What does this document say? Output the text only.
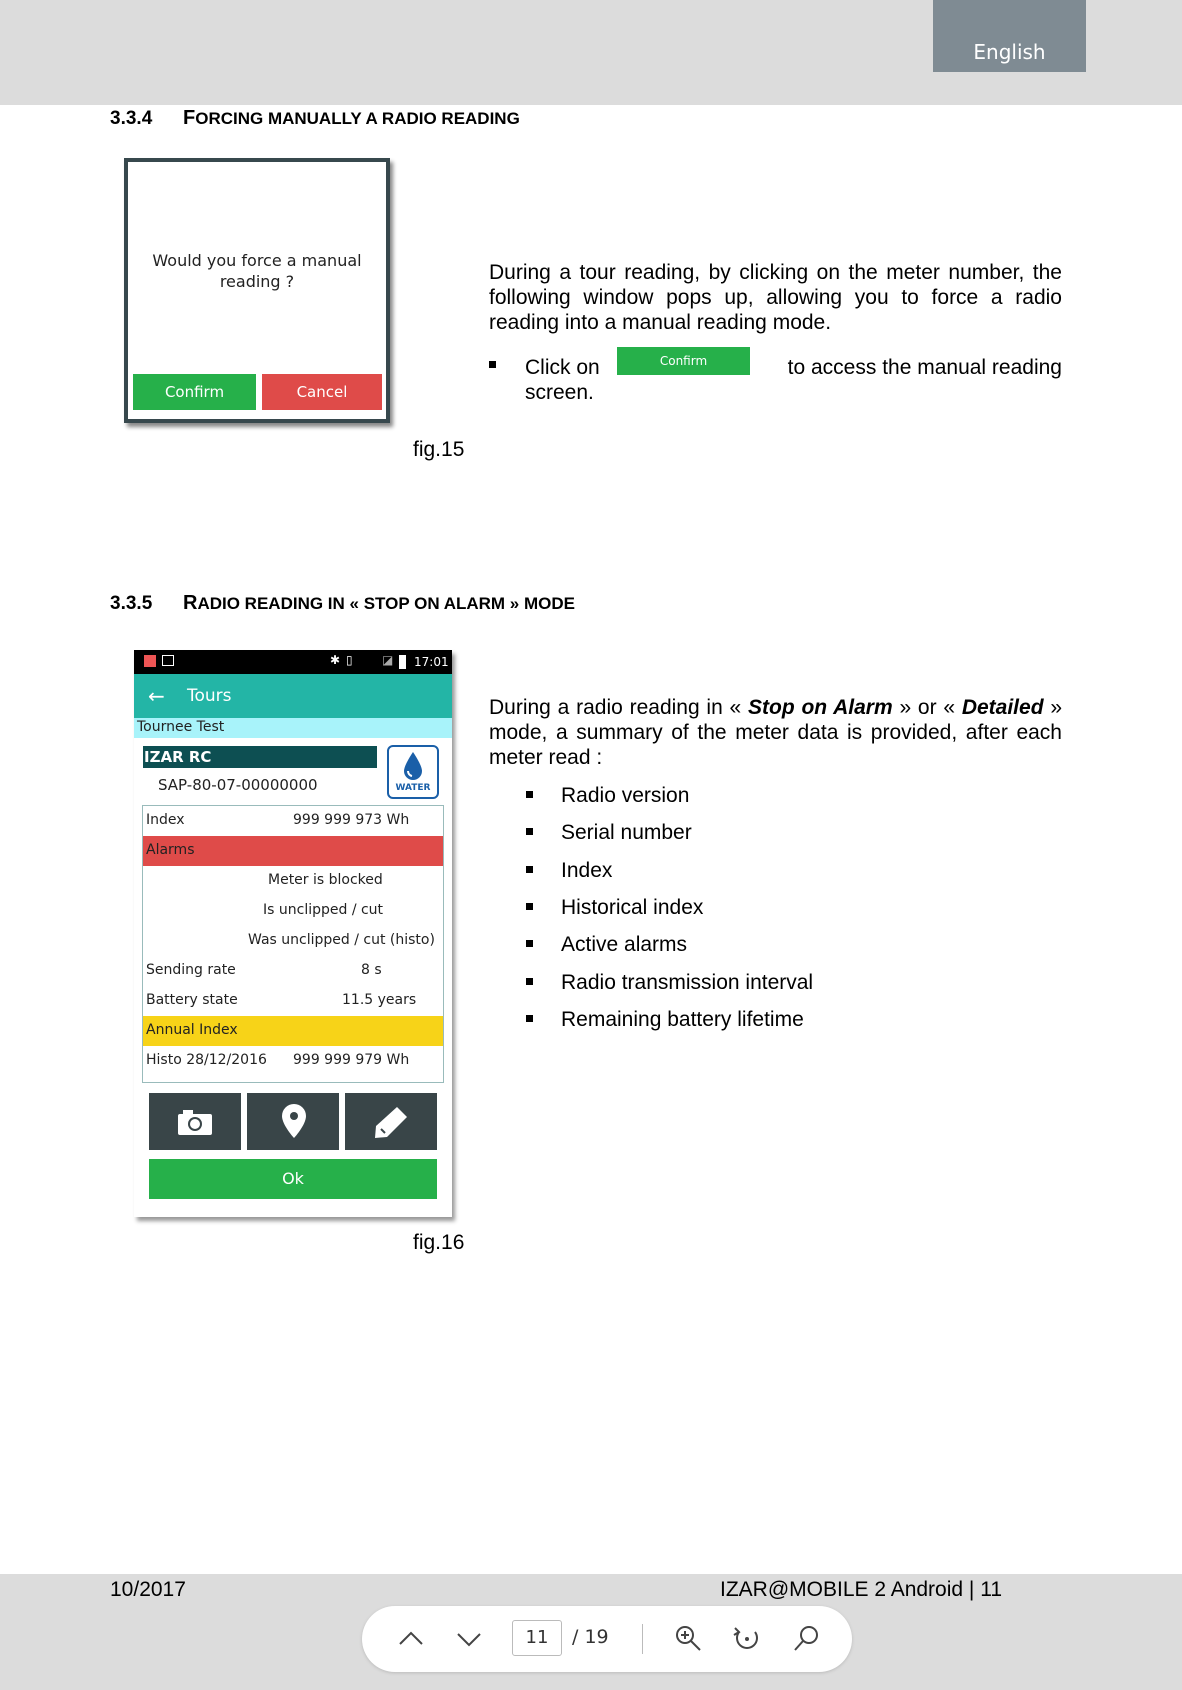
English
3.3.4 FORCING MANUALLY A RADIO READING
Would you force a manual
reading ?
Confirm	Cancel
During a tour reading, by clicking on the meter number, the following window pops up, allowing you to force a radio reading into a manual reading mode.
Click on	Confirm	to access the manual reading
screen.
fig.15
3.3.5 RADIO READING IN « STOP ON ALARM » MODE
✱ ▯ ◪ 17:01
← Tours
Tournee Test
IZAR RC
SAP-80-07-00000000	WATER
Index	999 999 973 Wh
Alarms
Meter is blocked
Is unclipped / cut
Was unclipped / cut (histo)
Sending rate	8 s
Battery state	11.5 years
Annual Index
Histo 28/12/2016 999 999 979 Wh
Ok
During a radio reading in « Stop on Alarm » or « Detailed » mode, a summary of the meter data is provided, after each meter read :
Radio version
Serial number
Index
Historical index
Active alarms
Radio transmission interval
Remaining battery lifetime
fig.16
10/2017	IZAR@MOBILE 2 Android | 11
11	/ 19
